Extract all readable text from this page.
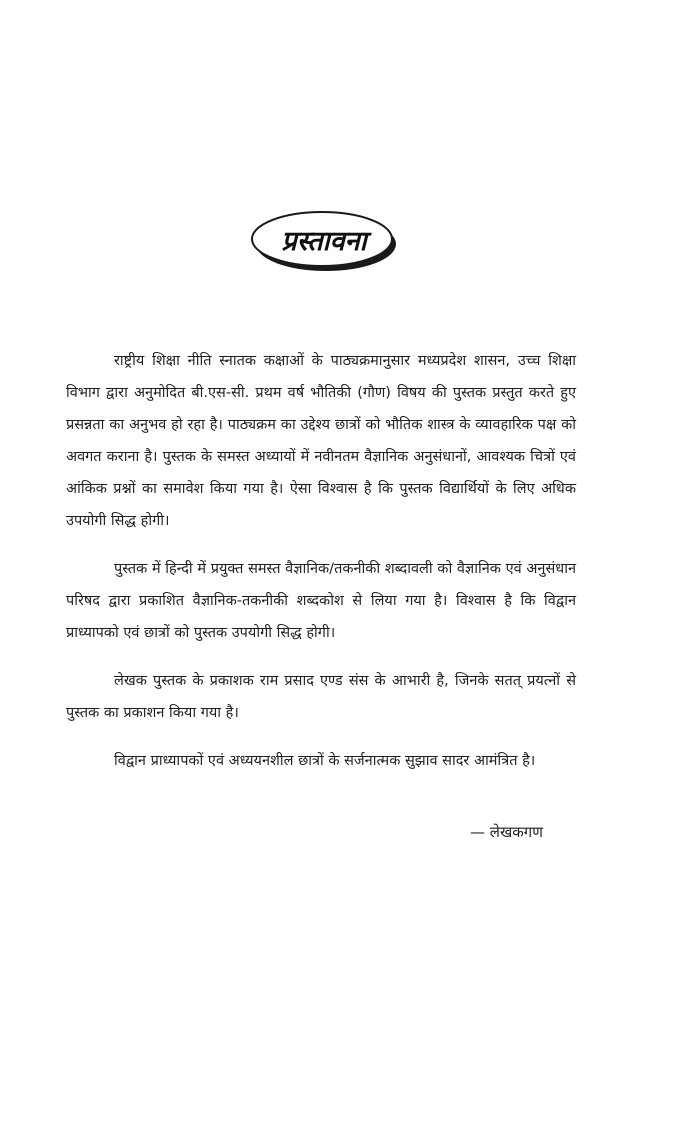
प्रस्तावना

राष्ट्रीय शिक्षा नीति स्नातक कक्षाओं के पाठ्यक्रमानुसार मध्यप्रदेश शासन, उच्च शिक्षा विभाग द्वारा अनुमोदित बी.एस-सी. प्रथम वर्ष भौतिकी (गौण) विषय की पुस्तक प्रस्तुत करते हुए प्रसन्नता का अनुभव हो रहा है। पाठ्यक्रम का उद्देश्य छात्रों को भौतिक शास्त्र के व्यावहारिक पक्ष को अवगत कराना है। पुस्तक के समस्त अध्यायों में नवीनतम वैज्ञानिक अनुसंधानों, आवश्यक चित्रों एवं आंकिक प्रश्नों का समावेश किया गया है। ऐसा विश्वास है कि पुस्तक विद्यार्थियों के लिए अधिक उपयोगी सिद्ध होगी।

पुस्तक में हिन्दी में प्रयुक्त समस्त वैज्ञानिक/तकनीकी शब्दावली को वैज्ञानिक एवं अनुसंधान परिषद द्वारा प्रकाशित वैज्ञानिक-तकनीकी शब्दकोश से लिया गया है। विश्वास है कि विद्वान प्राध्यापको एवं छात्रों को पुस्तक उपयोगी सिद्ध होगी।

लेखक पुस्तक के प्रकाशक राम प्रसाद एण्ड संस के आभारी है, जिनके सतत् प्रयत्नों से पुस्तक का प्रकाशन किया गया है।

विद्वान प्राध्यापकों एवं अध्ययनशील छात्रों के सर्जनात्मक सुझाव सादर आमंत्रित है।

— लेखकगण
